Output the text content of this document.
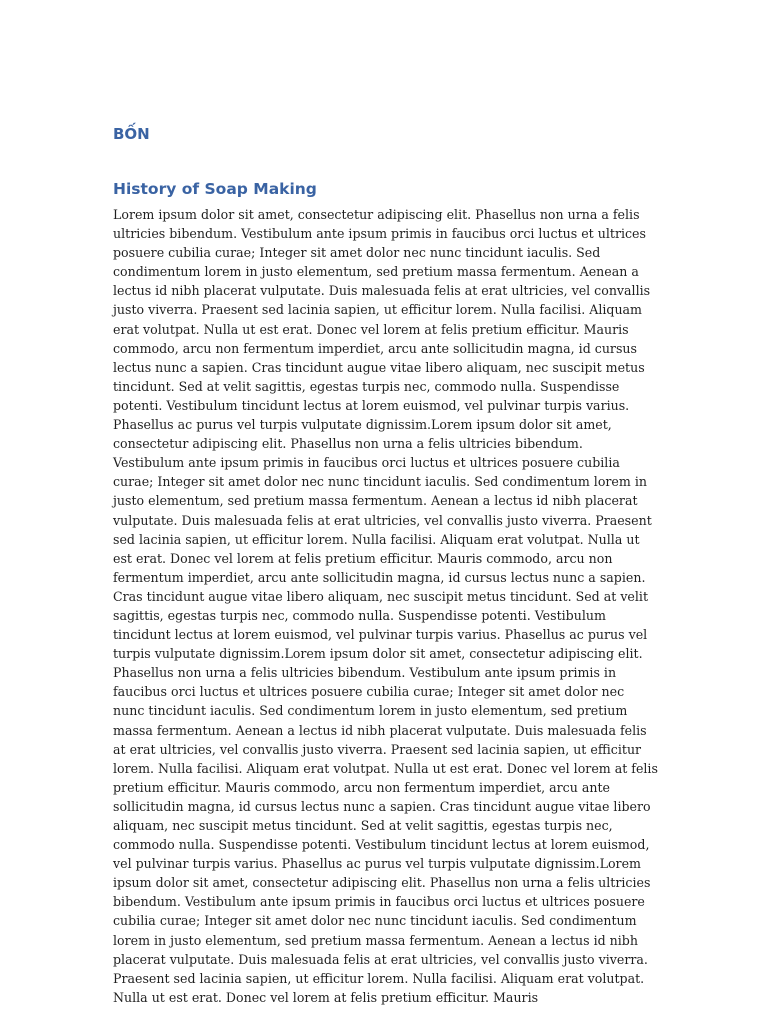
BỐN
History of Soap Making

Lorem ipsum dolor sit amet, consectetur adipiscing elit. Phasellus non urna a felis ultricies bibendum. Vestibulum ante ipsum primis in faucibus orci luctus et ultrices posuere cubilia curae; Integer sit amet dolor nec nunc tincidunt iaculis. Sed condimentum lorem in justo elementum, sed pretium massa fermentum. Aenean a lectus id nibh placerat vulputate. Duis malesuada felis at erat ultricies, vel convallis justo viverra. Praesent sed lacinia sapien, ut efficitur lorem. Nulla facilisi. Aliquam erat volutpat. Nulla ut est erat. Donec vel lorem at felis pretium efficitur. Mauris commodo, arcu non fermentum imperdiet, arcu ante sollicitudin magna, id cursus lectus nunc a sapien. Cras tincidunt augue vitae libero aliquam, nec suscipit metus tincidunt. Sed at velit sagittis, egestas turpis nec, commodo nulla. Suspendisse potenti. Vestibulum tincidunt lectus at lorem euismod, vel pulvinar turpis varius. Phasellus ac purus vel turpis vulputate dignissim.Lorem ipsum dolor sit amet, consectetur adipiscing elit. Phasellus non urna a felis ultricies bibendum. Vestibulum ante ipsum primis in faucibus orci luctus et ultrices posuere cubilia curae; Integer sit amet dolor nec nunc tincidunt iaculis. Sed condimentum lorem in justo elementum, sed pretium massa fermentum. Aenean a lectus id nibh placerat vulputate. Duis malesuada felis at erat ultricies, vel convallis justo viverra. Praesent sed lacinia sapien, ut efficitur lorem. Nulla facilisi. Aliquam erat volutpat. Nulla ut est erat. Donec vel lorem at felis pretium efficitur. Mauris commodo, arcu non fermentum imperdiet, arcu ante sollicitudin magna, id cursus lectus nunc a sapien. Cras tincidunt augue vitae libero aliquam, nec suscipit metus tincidunt. Sed at velit sagittis, egestas turpis nec, commodo nulla. Suspendisse potenti. Vestibulum tincidunt lectus at lorem euismod, vel pulvinar turpis varius. Phasellus ac purus vel turpis vulputate dignissim.Lorem ipsum dolor sit amet, consectetur adipiscing elit. Phasellus non urna a felis ultricies bibendum. Vestibulum ante ipsum primis in faucibus orci luctus et ultrices posuere cubilia curae; Integer sit amet dolor nec nunc tincidunt iaculis. Sed condimentum lorem in justo elementum, sed pretium massa fermentum. Aenean a lectus id nibh placerat vulputate. Duis malesuada felis at erat ultricies, vel convallis justo viverra. Praesent sed lacinia sapien, ut efficitur lorem. Nulla facilisi. Aliquam erat volutpat. Nulla ut est erat. Donec vel lorem at felis pretium efficitur. Mauris commodo, arcu non fermentum imperdiet, arcu ante sollicitudin magna, id cursus lectus nunc a sapien. Cras tincidunt augue vitae libero aliquam, nec suscipit metus tincidunt. Sed at velit sagittis, egestas turpis nec, commodo nulla. Suspendisse potenti. Vestibulum tincidunt lectus at lorem euismod, vel pulvinar turpis varius. Phasellus ac purus vel turpis vulputate dignissim.Lorem ipsum dolor sit amet, consectetur adipiscing elit. Phasellus non urna a felis ultricies bibendum. Vestibulum ante ipsum primis in faucibus orci luctus et ultrices posuere cubilia curae; Integer sit amet dolor nec nunc tincidunt iaculis. Sed condimentum lorem in justo elementum, sed pretium massa fermentum. Aenean a lectus id nibh placerat vulputate. Duis malesuada felis at erat ultricies, vel convallis justo viverra. Praesent sed lacinia sapien, ut efficitur lorem. Nulla facilisi. Aliquam erat volutpat. Nulla ut est erat. Donec vel lorem at felis pretium efficitur. Mauris
